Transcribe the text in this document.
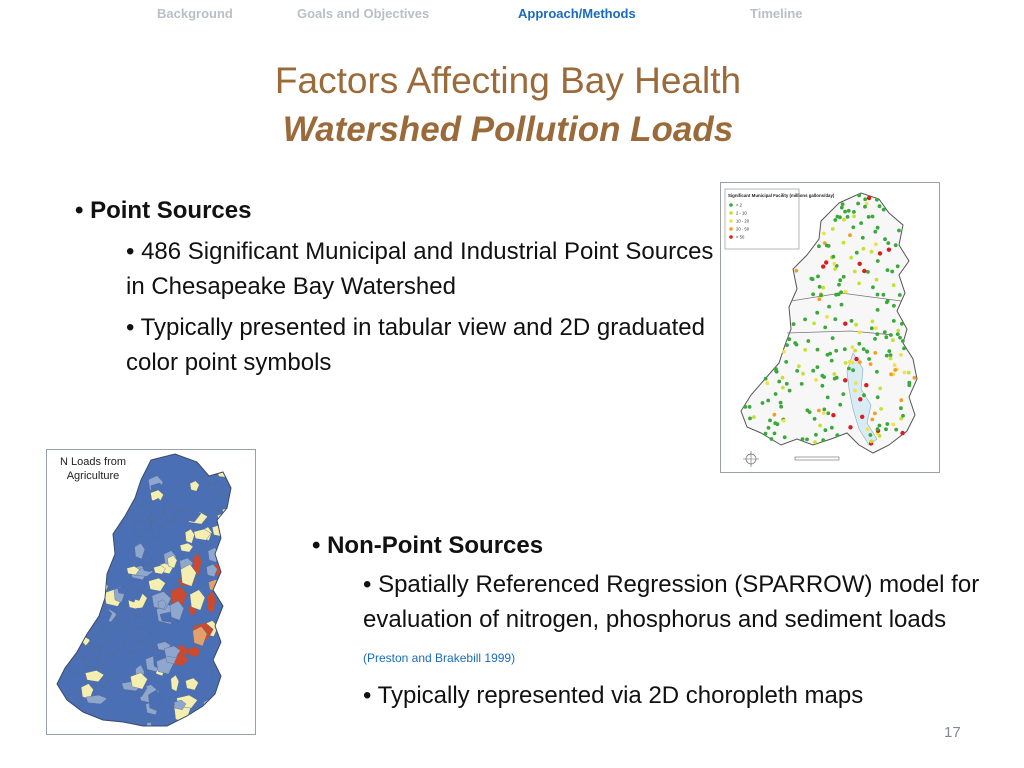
Background	Goals and Objectives	Approach/Methods	Timeline
Factors Affecting Bay Health
Watershed Pollution Loads
• Point Sources
• 486 Significant Municipal and Industrial Point Sources in Chesapeake Bay Watershed
• Typically presented in tabular view and 2D graduated color point symbols
• Non-Point Sources
• Spatially Referenced Regression (SPARROW) model for evaluation of nitrogen, phosphorus and sediment loads (Preston and Brakebill 1999)
• Typically represented via 2D choropleth maps
Significant Municipal Facility (millions gallons/day)
< 2
2 - 10
10 - 20
20 - 50
> 50
N Loads from Agriculture
17
